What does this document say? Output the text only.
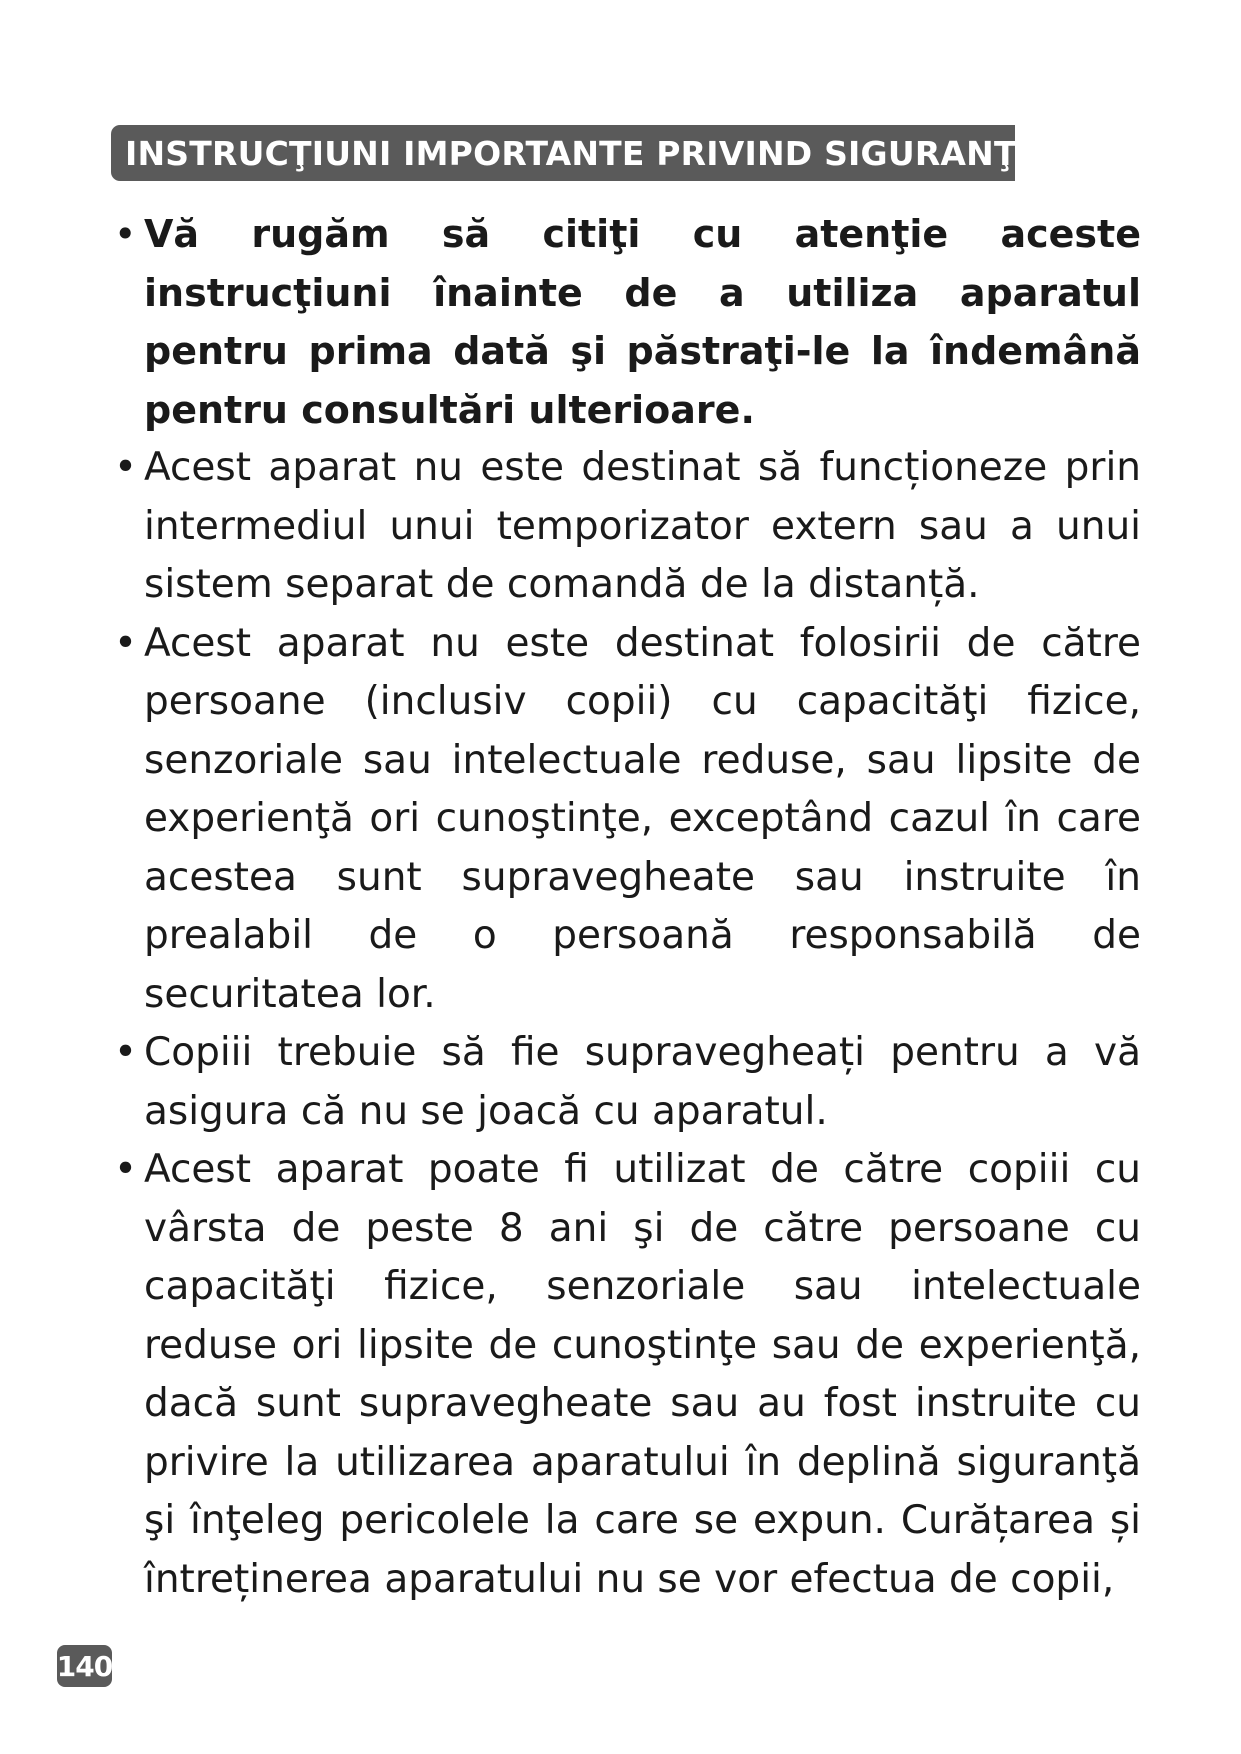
INSTRUCŢIUNI IMPORTANTE PRIVIND SIGURANŢA
• Vă rugăm să citiţi cu atenţie aceste instrucţiuni înainte de a utiliza aparatul pentru prima dată şi păstraţi-le la îndemână pentru consultări ulterioare.
• Acest aparat nu este destinat să funcționeze prin intermediul unui temporizator extern sau a unui sistem separat de comandă de la distanță.
• Acest aparat nu este destinat folosirii de către persoane (inclusiv copii) cu capacităţi fizice, senzoriale sau intelectuale reduse, sau lipsite de experienţă ori cunoştinţe, exceptând cazul în care acestea sunt supravegheate sau instruite în prealabil de o persoană responsabilă de securitatea lor.
• Copiii trebuie să fie supravegheați pentru a vă asigura că nu se joacă cu aparatul.
• Acest aparat poate fi utilizat de către copiii cu vârsta de peste 8 ani şi de către persoane cu capacităţi fizice, senzoriale sau intelectuale reduse ori lipsite de cunoştinţe sau de experienţă, dacă sunt supravegheate sau au fost instruite cu privire la utilizarea aparatului în deplină siguranţă şi înţeleg pericolele la care se expun. Curățarea și întreținerea aparatului nu se vor efectua de copii,
140
